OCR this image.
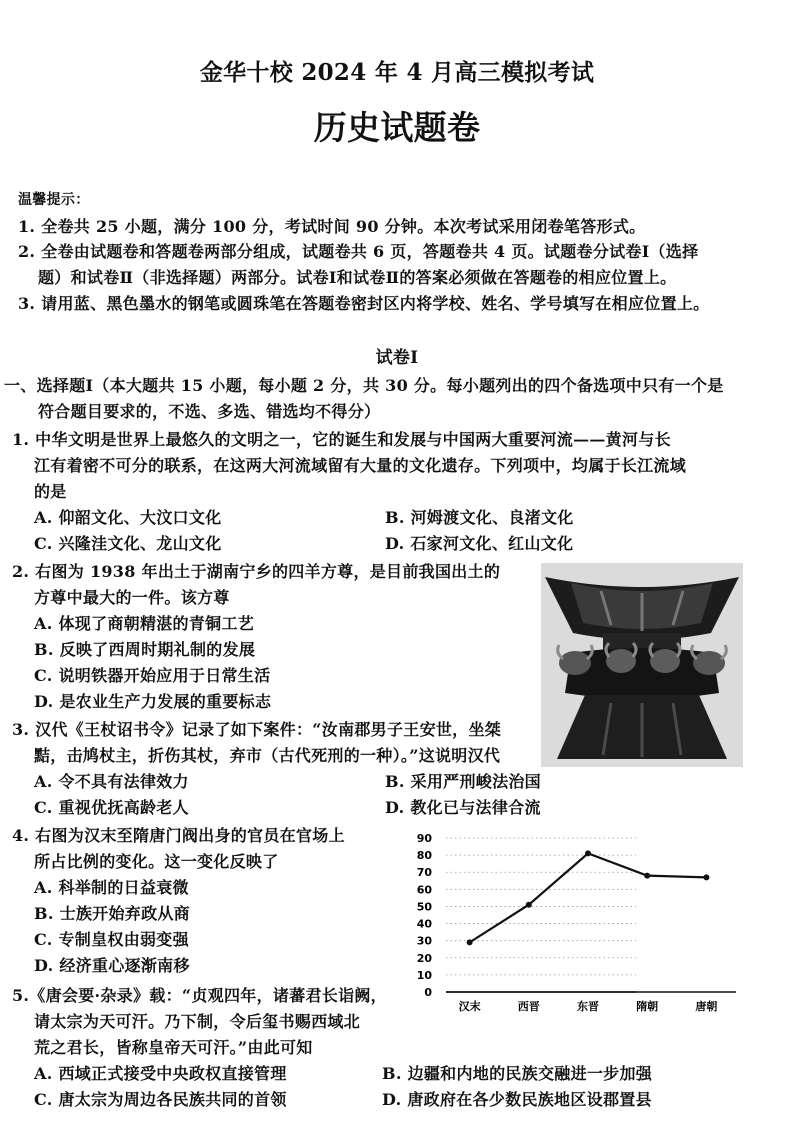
金华十校 2024 年 4 月高三模拟考试
历史试题卷
温馨提示：
1. 全卷共 25 小题，满分 100 分，考试时间 90 分钟。本次考试采用闭卷笔答形式。
2. 全卷由试题卷和答题卷两部分组成，试题卷共 6 页，答题卷共 4 页。试题卷分试卷Ⅰ（选择
题）和试卷Ⅱ（非选择题）两部分。试卷Ⅰ和试卷Ⅱ的答案必须做在答题卷的相应位置上。
3. 请用蓝、黑色墨水的钢笔或圆珠笔在答题卷密封区内将学校、姓名、学号填写在相应位置上。
试卷Ⅰ
一、选择题Ⅰ（本大题共 15 小题，每小题 2 分，共 30 分。每小题列出的四个备选项中只有一个是
符合题目要求的，不选、多选、错选均不得分）
1. 中华文明是世界上最悠久的文明之一，它的诞生和发展与中国两大重要河流——黄河与长
江有着密不可分的联系，在这两大河流域留有大量的文化遗存。下列项中，均属于长江流域
的是
A. 仰韶文化、大汶口文化	B. 河姆渡文化、良渚文化
C. 兴隆洼文化、龙山文化	D. 石家河文化、红山文化
2. 右图为 1938 年出土于湖南宁乡的四羊方尊，是目前我国出土的
方尊中最大的一件。该方尊
A. 体现了商朝精湛的青铜工艺
B. 反映了西周时期礼制的发展
C. 说明铁器开始应用于日常生活
D. 是农业生产力发展的重要标志
3. 汉代《王杖诏书令》记录了如下案件：“汝南郡男子王安世，坐桀
黠，击鸠杖主，折伤其杖，弃市（古代死刑的一种）。”这说明汉代
A. 令不具有法律效力	B. 采用严刑峻法治国
C. 重视优抚高龄老人	D. 教化已与法律合流
4. 右图为汉末至隋唐门阀出身的官员在官场上
所占比例的变化。这一变化反映了
A. 科举制的日益衰微
B. 士族开始弃政从商
C. 专制皇权由弱变强
D. 经济重心逐渐南移
0
10
20
30
40
50
60
70
80
90
汉末	西晋	东晋	隋朝	唐朝
5.《唐会要·杂录》载：“贞观四年，诸蕃君长诣阙，
请太宗为天可汗。乃下制，令后玺书赐西域北
荒之君长，皆称皇帝天可汗。”由此可知
A. 西域正式接受中央政权直接管理	B. 边疆和内地的民族交融进一步加强
C. 唐太宗为周边各民族共同的首领	D. 唐政府在各少数民族地区设郡置县
